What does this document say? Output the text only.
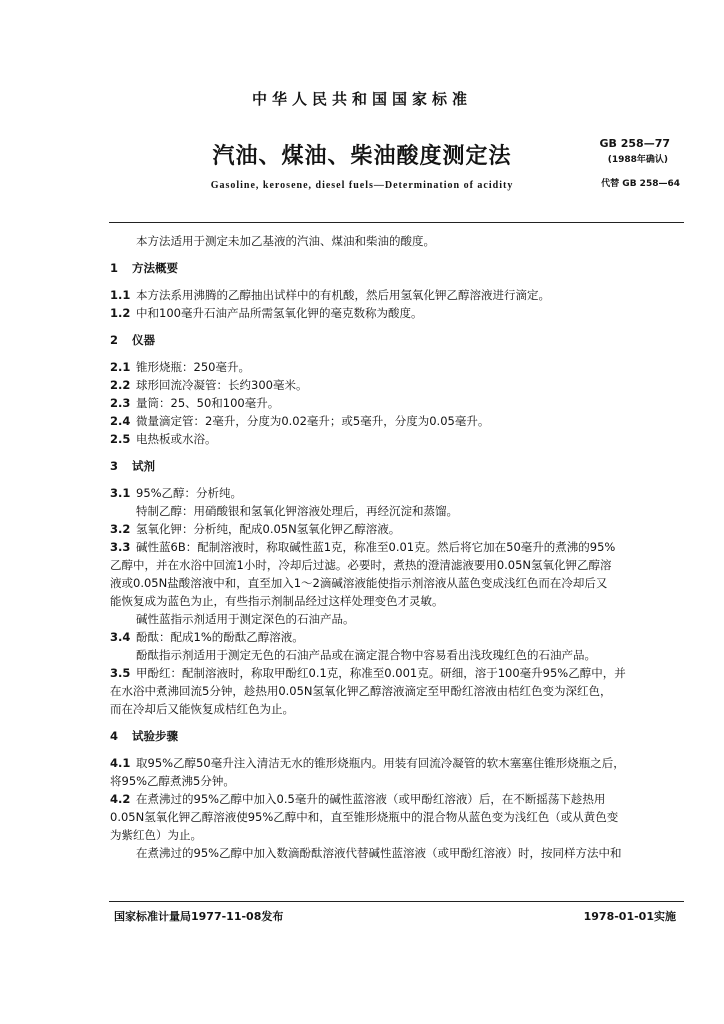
中华人民共和国国家标准
汽油、煤油、柴油酸度测定法
Gasoline, kerosene, diesel fuels—Determination of acidity
GB 258—77
(1988年确认)
代替 GB 258—64

本方法适用于测定未加乙基液的汽油、煤油和柴油的酸度。

1 方法概要

1.1 本方法系用沸腾的乙醇抽出试样中的有机酸，然后用氢氧化钾乙醇溶液进行滴定。

1.2 中和100毫升石油产品所需氢氧化钾的毫克数称为酸度。

2 仪器

2.1 锥形烧瓶：250毫升。

2.2 球形回流冷凝管：长约300毫米。

2.3 量筒：25、50和100毫升。

2.4 微量滴定管：2毫升，分度为0.02毫升；或5毫升，分度为0.05毫升。

2.5 电热板或水浴。

3 试剂

3.1 95%乙醇：分析纯。

特制乙醇：用硝酸银和氢氧化钾溶液处理后，再经沉淀和蒸馏。

3.2 氢氧化钾：分析纯，配成0.05N氢氧化钾乙醇溶液。

3.3 碱性蓝6B：配制溶液时，称取碱性蓝1克，称准至0.01克。然后将它加在50毫升的煮沸的95%

乙醇中，并在水浴中回流1小时，冷却后过滤。必要时，煮热的澄清滤液要用0.05N氢氧化钾乙醇溶

液或0.05N盐酸溶液中和，直至加入1～2滴碱溶液能使指示剂溶液从蓝色变成浅红色而在冷却后又

能恢复成为蓝色为止，有些指示剂制品经过这样处理变色才灵敏。

碱性蓝指示剂适用于测定深色的石油产品。

3.4 酚酞：配成1%的酚酞乙醇溶液。

酚酞指示剂适用于测定无色的石油产品或在滴定混合物中容易看出浅玫瑰红色的石油产品。

3.5 甲酚红：配制溶液时，称取甲酚红0.1克，称准至0.001克。研细，溶于100毫升95%乙醇中，并

在水浴中煮沸回流5分钟，趁热用0.05N氢氧化钾乙醇溶液滴定至甲酚红溶液由桔红色变为深红色，

而在冷却后又能恢复成桔红色为止。

4 试验步骤

4.1 取95%乙醇50毫升注入清洁无水的锥形烧瓶内。用装有回流冷凝管的软木塞塞住锥形烧瓶之后，

将95%乙醇煮沸5分钟。

4.2 在煮沸过的95%乙醇中加入0.5毫升的碱性蓝溶液（或甲酚红溶液）后，在不断摇荡下趁热用

0.05N氢氧化钾乙醇溶液使95%乙醇中和，直至锥形烧瓶中的混合物从蓝色变为浅红色（或从黄色变

为紫红色）为止。

在煮沸过的95%乙醇中加入数滴酚酞溶液代替碱性蓝溶液（或甲酚红溶液）时，按同样方法中和

国家标准计量局1977-11-08发布	1978-01-01实施
